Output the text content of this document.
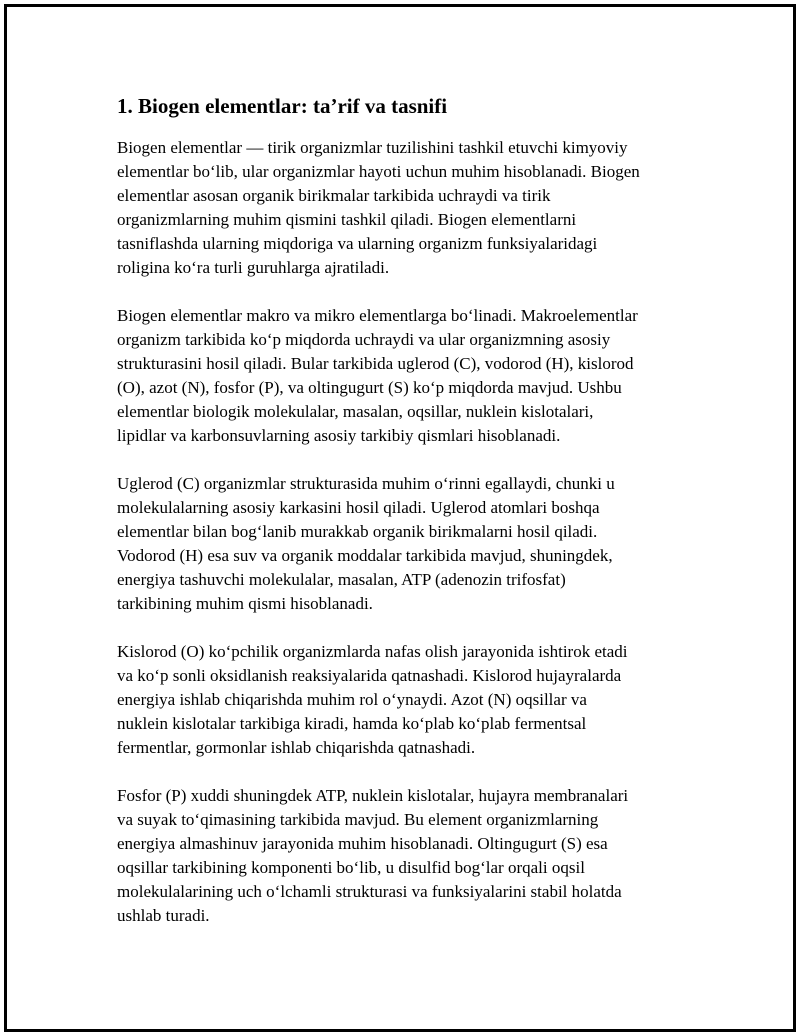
1. Biogen elementlar: ta’rif va tasnifi

Biogen elementlar — tirik organizmlar tuzilishini tashkil etuvchi kimyoviy
elementlar bo‘lib, ular organizmlar hayoti uchun muhim hisoblanadi. Biogen
elementlar asosan organik birikmalar tarkibida uchraydi va tirik
organizmlarning muhim qismini tashkil qiladi. Biogen elementlarni
tasniflashda ularning miqdoriga va ularning organizm funksiyalaridagi
roligina ko‘ra turli guruhlarga ajratiladi.

Biogen elementlar makro va mikro elementlarga bo‘linadi. Makroelementlar
organizm tarkibida ko‘p miqdorda uchraydi va ular organizmning asosiy
strukturasini hosil qiladi. Bular tarkibida uglerod (C), vodorod (H), kislorod
(O), azot (N), fosfor (P), va oltingugurt (S) ko‘p miqdorda mavjud. Ushbu
elementlar biologik molekulalar, masalan, oqsillar, nuklein kislotalari,
lipidlar va karbonsuvlarning asosiy tarkibiy qismlari hisoblanadi.

Uglerod (C) organizmlar strukturasida muhim o‘rinni egallaydi, chunki u
molekulalarning asosiy karkasini hosil qiladi. Uglerod atomlari boshqa
elementlar bilan bog‘lanib murakkab organik birikmalarni hosil qiladi.
Vodorod (H) esa suv va organik moddalar tarkibida mavjud, shuningdek,
energiya tashuvchi molekulalar, masalan, ATP (adenozin trifosfat)
tarkibining muhim qismi hisoblanadi.

Kislorod (O) ko‘pchilik organizmlarda nafas olish jarayonida ishtirok etadi
va ko‘p sonli oksidlanish reaksiyalarida qatnashadi. Kislorod hujayralarda
energiya ishlab chiqarishda muhim rol o‘ynaydi. Azot (N) oqsillar va
nuklein kislotalar tarkibiga kiradi, hamda ko‘plab ko‘plab fermentsal
fermentlar, gormonlar ishlab chiqarishda qatnashadi.

Fosfor (P) xuddi shuningdek ATP, nuklein kislotalar, hujayra membranalari
va suyak to‘qimasining tarkibida mavjud. Bu element organizmlarning
energiya almashinuv jarayonida muhim hisoblanadi. Oltingugurt (S) esa
oqsillar tarkibining komponenti bo‘lib, u disulfid bog‘lar orqali oqsil
molekulalarining uch o‘lchamli strukturasi va funksiyalarini stabil holatda
ushlab turadi.
